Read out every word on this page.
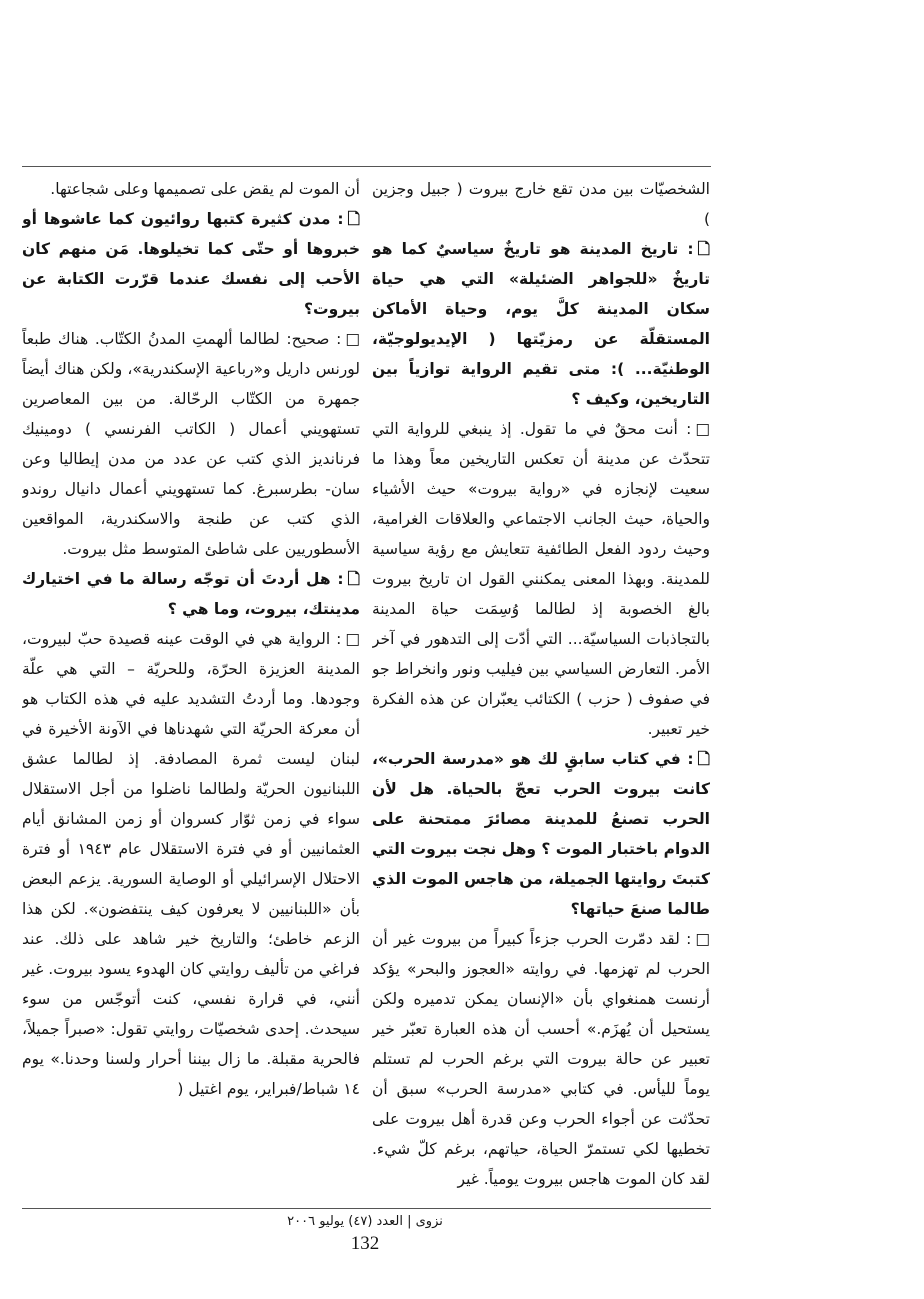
الشخصيّات بين مدن تقع خارج بيروت ( جبيل وجزين )

🗋: تاريخ المدينة هو تاريخٌ سياسيٌ كما هو تاريخٌ «للجواهر الضئيلة» التي هي حياة سكان المدينة كلَّ يوم، وحياة الأماكن المستقلّة عن رمزيّتها ( الإيديولوجيّة، الوطنيّة... ): متى تقيم الرواية توازياً بين التاريخين، وكيف ؟

□: أنت محقٌ في ما تقول. إذ ينبغي للرواية التي تتحدّث عن مدينة أن تعكس التاريخين معاً وهذا ما سعيت لإنجازه في «رواية بيروت» حيث الأشياء والحياة، حيث الجانب الاجتماعي والعلاقات الغرامية، وحيث ردود الفعل الطائفية تتعايش مع رؤية سياسية للمدينة. وبهذا المعنى يمكنني القول ان تاريخ بيروت بالغ الخصوبة إذ لطالما وُسِمَت حياة المدينة بالتجاذبات السياسيّة... التي أدّت إلى التدهور في آخر الأمر. التعارض السياسي بين فيليب ونور وانخراط جو في صفوف ( حزب ) الكتائب يعبّران عن هذه الفكرة خير تعبير.

🗋: في كتاب سابقٍ لك هو «مدرسة الحرب»، كانت بيروت الحرب تعجّ بالحياة. هل لأن الحرب تصنعُ للمدينة مصائرَ ممتحنة على الدوام باختبار الموت ؟ وهل نجت بيروت التي كتبتَ روايتها الجميلة، من هاجس الموت الذي طالما صنعَ حياتها؟

□: لقد دمّرت الحرب جزءاً كبيراً من بيروت غير أن الحرب لم تهزمها. في روايته «العجوز والبحر» يؤكد أرنست همنغواي بأن «الإنسان يمكن تدميره ولكن يستحيل أن يُهزَم.» أحسب أن هذه العبارة تعبّر خير تعبير عن حالة بيروت التي برغم الحرب لم تستلم يوماً لليأس. في كتابي «مدرسة الحرب» سبق أن تحدّثت عن أجواء الحرب وعن قدرة أهل بيروت على تخطيها لكي تستمرّ الحياة، حياتهم، برغم كلّ شيء. لقد كان الموت هاجس بيروت يومياً. غير

أن الموت لم يقض على تصميمها وعلى شجاعتها.

🗋: مدن كثيرة كتبها روائيون كما عاشوها أو خبروها أو حتّى كما تخيلوها. مَن منهم كان الأحب إلى نفسك عندما قرّرت الكتابة عن بيروت؟

□: صحيح: لطالما ألهمتِ المدنُ الكتّاب. هناك طبعاً لورنس داريل و«رباعية الإسكندرية»، ولكن هناك أيضاً جمهرة من الكتّاب الرحّالة. من بين المعاصرين تستهويني أعمال ( الكاتب الفرنسي ) دومينيك فرنانديز الذي كتب عن عدد من مدن إيطاليا وعن سان- بطرسبرغ. كما تستهويني أعمال دانيال روندو الذي كتب عن طنجة والاسكندرية، المواقعين الأسطوريين على شاطئ المتوسط مثل بيروت.

🗋: هل أردتَ أن توجّه رسالة ما في اختيارك مدينتك، بيروت، وما هي ؟

□: الرواية هي في الوقت عينه قصيدة حبّ لبيروت، المدينة العزيزة الحرّة، وللحريّة – التي هي علّة وجودها. وما أردتُ التشديد عليه في هذه الكتاب هو أن معركة الحريّة التي شهدناها في الآونة الأخيرة في لبنان ليست ثمرة المصادفة. إذ لطالما عشق اللبنانيون الحريّة ولطالما ناضلوا من أجل الاستقلال سواء في زمن ثوّار كسروان أو زمن المشانق أيام العثمانيين أو في فترة الاستقلال عام ١٩٤٣ أو فترة الاحتلال الإسرائيلي أو الوصاية السورية. يزعم البعض بأن «اللبنانيين لا يعرفون كيف ينتفضون». لكن هذا الزعم خاطئ؛ والتاريخ خير شاهد على ذلك. عند فراغي من تأليف روايتي كان الهدوء يسود بيروت. غير أنني، في قرارة نفسي، كنت أتوجّس من سوء سيحدث. إحدى شخصيّات روايتي تقول: «صبراً جميلاً، فالحرية مقبلة. ما زال بيننا أحرار ولسنا وحدنا.» يوم ١٤ شباط/فبراير، يوم اغتيل (

نزوى | العدد (٤٧) يوليو ٢٠٠٦
132
